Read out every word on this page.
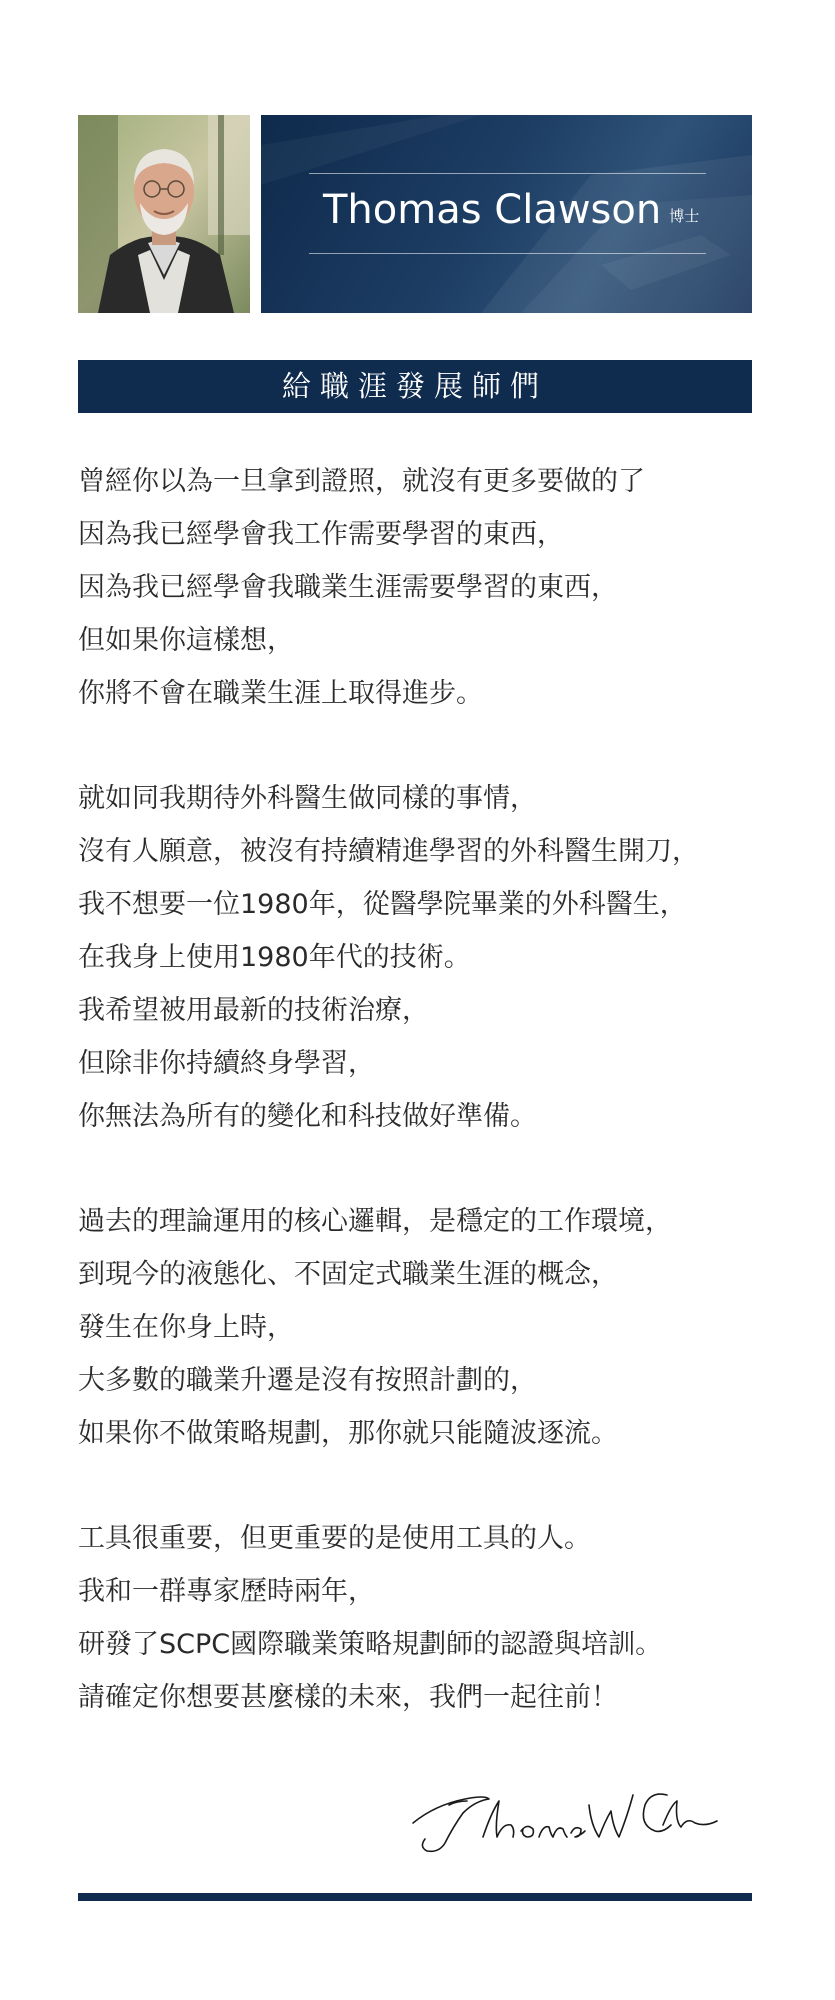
Thomas Clawson 博士
給職涯發展師們
曾經你以為一旦拿到證照，就沒有更多要做的了
因為我已經學會我工作需要學習的東西，
因為我已經學會我職業生涯需要學習的東西，
但如果你這樣想，
你將不會在職業生涯上取得進步。
就如同我期待外科醫生做同樣的事情，
沒有人願意，被沒有持續精進學習的外科醫生開刀，
我不想要一位1980年，從醫學院畢業的外科醫生，
在我身上使用1980年代的技術。
我希望被用最新的技術治療，
但除非你持續終身學習，
你無法為所有的變化和科技做好準備。
過去的理論運用的核心邏輯，是穩定的工作環境，
到現今的液態化、不固定式職業生涯的概念，
發生在你身上時，
大多數的職業升遷是沒有按照計劃的，
如果你不做策略規劃，那你就只能隨波逐流。
工具很重要，但更重要的是使用工具的人。
我和一群專家歷時兩年，
研發了SCPC國際職業策略規劃師的認證與培訓。
請確定你想要甚麼樣的未來，我們一起往前！
